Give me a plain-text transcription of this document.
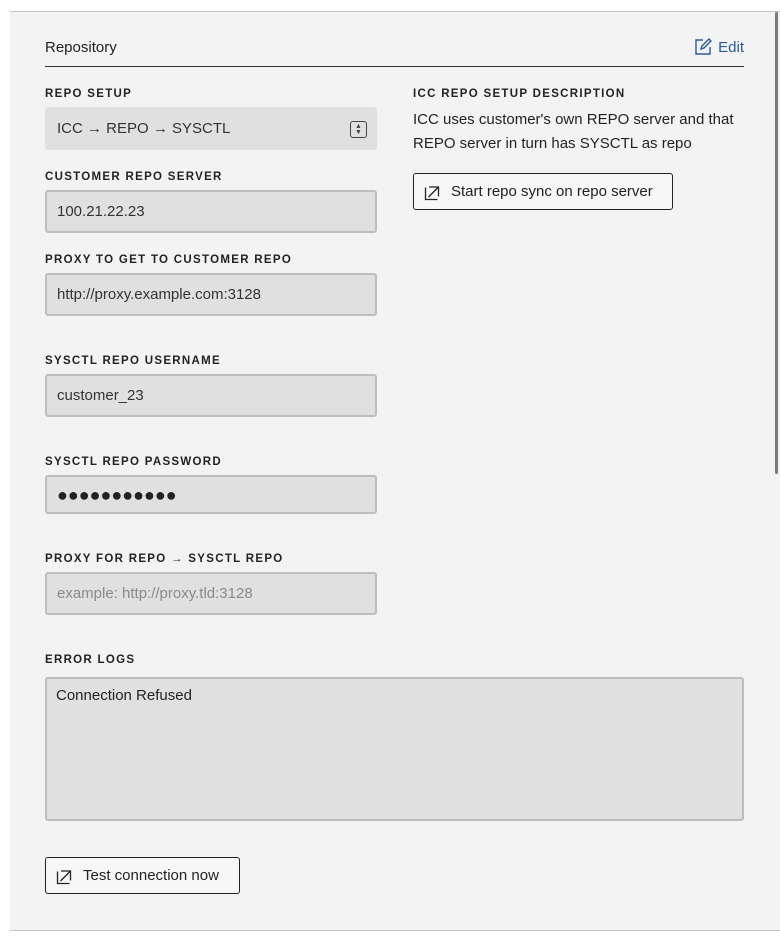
Repository	Edit
REPO SETUP
ICC → REPO → SYSCTL	▲
▼
CUSTOMER REPO SERVER
100.21.22.23
PROXY TO GET TO CUSTOMER REPO
http://proxy.example.com:3128
SYSCTL REPO USERNAME
customer_23
SYSCTL REPO PASSWORD
●●●●●●●●●●●
PROXY FOR REPO → SYSCTL REPO
example: http://proxy.tld:3128
ICC REPO SETUP DESCRIPTION
ICC uses customer's own REPO server and that REPO server in turn has SYSCTL as repo
Start repo sync on repo server
ERROR LOGS
Connection Refused
Test connection now
